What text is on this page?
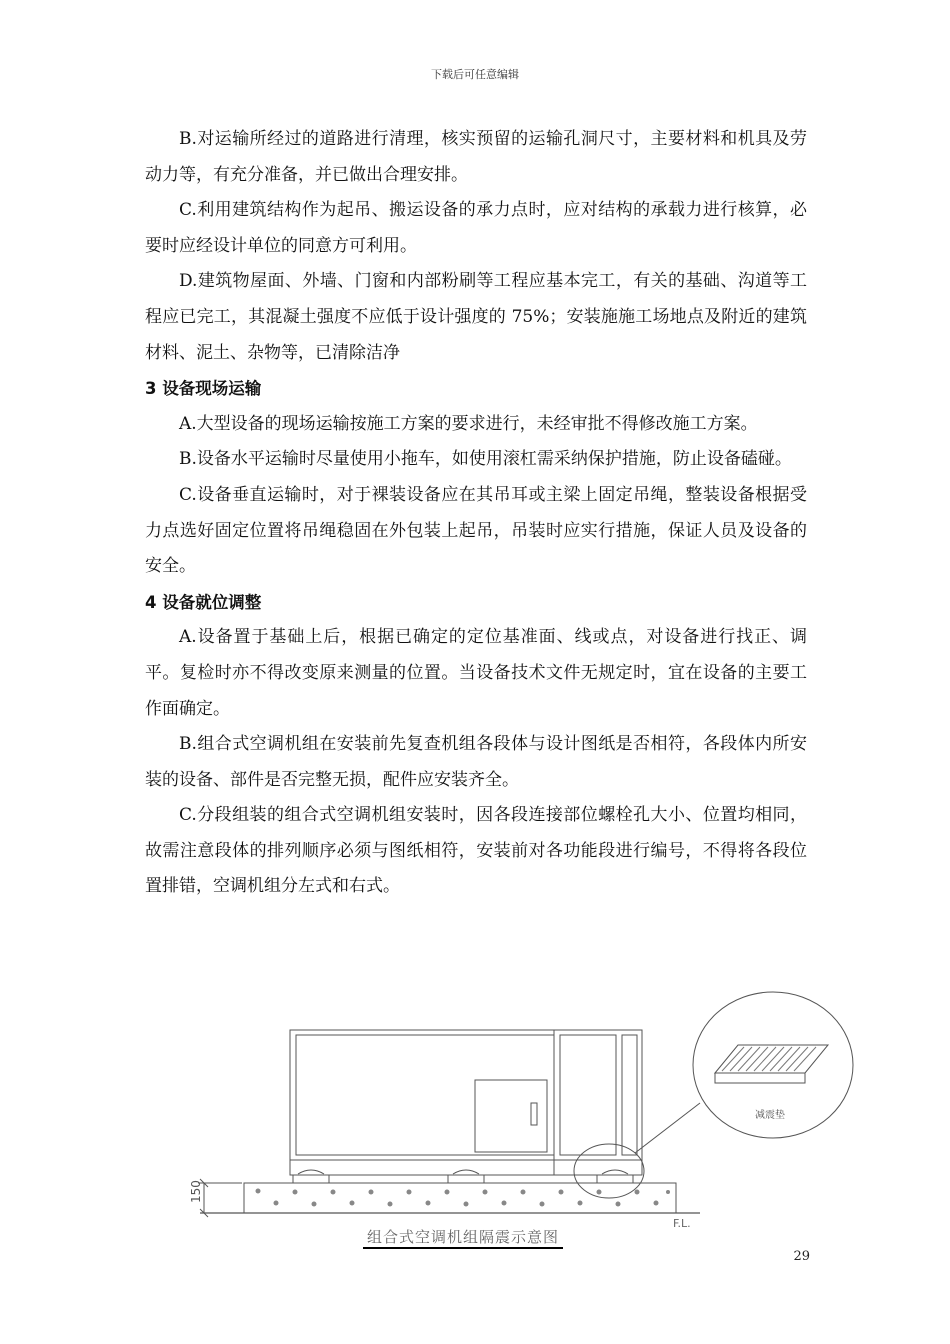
下载后可任意编辑

B.对运输所经过的道路进行清理，核实预留的运输孔洞尺寸，主要材料和机具及劳动力等，有充分准备，并已做出合理安排。

C.利用建筑结构作为起吊、搬运设备的承力点时，应对结构的承载力进行核算，必要时应经设计单位的同意方可利用。

D.建筑物屋面、外墙、门窗和内部粉刷等工程应基本完工，有关的基础、沟道等工程应已完工，其混凝土强度不应低于设计强度的 75%；安装施施工场地点及附近的建筑材料、泥土、杂物等，已清除洁净

3 设备现场运输

A.大型设备的现场运输按施工方案的要求进行，未经审批不得修改施工方案。

B.设备水平运输时尽量使用小拖车，如使用滚杠需采纳保护措施，防止设备磕碰。

C.设备垂直运输时，对于裸装设备应在其吊耳或主梁上固定吊绳，整装设备根据受力点选好固定位置将吊绳稳固在外包装上起吊，吊装时应实行措施，保证人员及设备的安全。

4 设备就位调整

A.设备置于基础上后，根据已确定的定位基准面、线或点，对设备进行找正、调平。复检时亦不得改变原来测量的位置。当设备技术文件无规定时，宜在设备的主要工作面确定。

B.组合式空调机组在安装前先复查机组各段体与设计图纸是否相符，各段体内所安装的设备、部件是否完整无损，配件应安装齐全。

C.分段组装的组合式空调机组安装时，因各段连接部位螺栓孔大小、位置均相同，故需注意段体的排列顺序必须与图纸相符，安装前对各功能段进行编号，不得将各段位置排错，空调机组分左式和右式。

150
F.L.
减震垫
组合式空调机组隔震示意图
29
